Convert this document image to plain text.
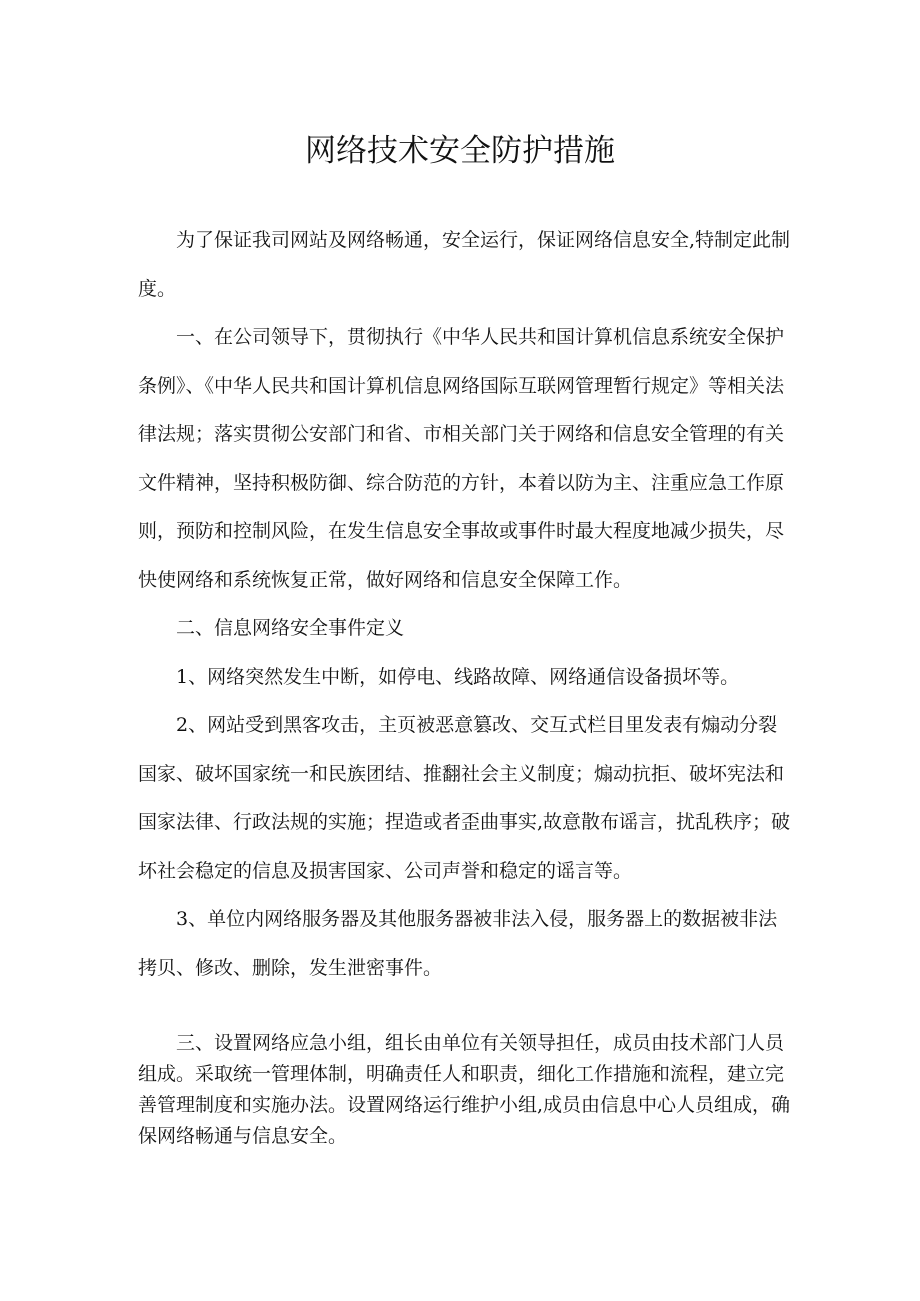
网络技术安全防护措施

为了保证我司网站及网络畅通，安全运行，保证网络信息安全,特制定此制度。

一、在公司领导下，贯彻执行《中华人民共和国计算机信息系统安全保护条例》、《中华人民共和国计算机信息网络国际互联网管理暂行规定》等相关法律法规；落实贯彻公安部门和省、市相关部门关于网络和信息安全管理的有关文件精神，坚持积极防御、综合防范的方针，本着以防为主、注重应急工作原则，预防和控制风险，在发生信息安全事故或事件时最大程度地减少损失，尽快使网络和系统恢复正常，做好网络和信息安全保障工作。

二、信息网络安全事件定义

1、网络突然发生中断，如停电、线路故障、网络通信设备损坏等。

2、网站受到黑客攻击，主页被恶意篡改、交互式栏目里发表有煽动分裂国家、破坏国家统一和民族团结、推翻社会主义制度；煽动抗拒、破坏宪法和国家法律、行政法规的实施；捏造或者歪曲事实,故意散布谣言，扰乱秩序；破坏社会稳定的信息及损害国家、公司声誉和稳定的谣言等。

3、单位内网络服务器及其他服务器被非法入侵，服务器上的数据被非法拷贝、修改、删除，发生泄密事件。

三、设置网络应急小组，组长由单位有关领导担任，成员由技术部门人员组成。采取统一管理体制，明确责任人和职责，细化工作措施和流程，建立完善管理制度和实施办法。设置网络运行维护小组,成员由信息中心人员组成，确保网络畅通与信息安全。
